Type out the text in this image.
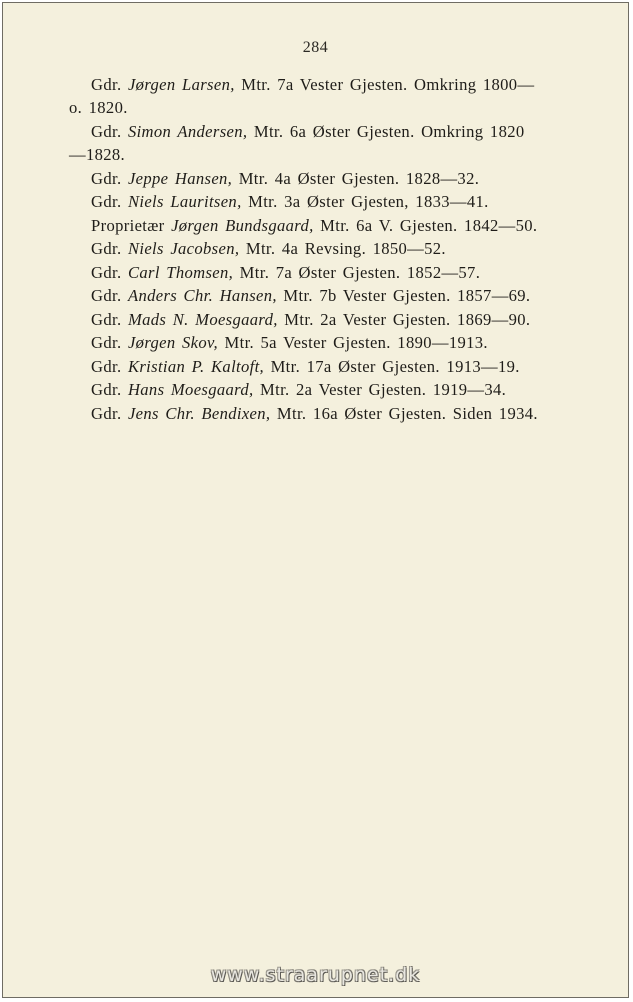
284
Gdr. Jørgen Larsen, Mtr. 7a Vester Gjesten. Omkring 1800—
o. 1820.
Gdr. Simon Andersen, Mtr. 6a Øster Gjesten. Omkring 1820
—1828.
Gdr. Jeppe Hansen, Mtr. 4a Øster Gjesten. 1828—32.
Gdr. Niels Lauritsen, Mtr. 3a Øster Gjesten, 1833—41.
Proprietær Jørgen Bundsgaard, Mtr. 6a V. Gjesten. 1842—50.
Gdr. Niels Jacobsen, Mtr. 4a Revsing. 1850—52.
Gdr. Carl Thomsen, Mtr. 7a Øster Gjesten. 1852—57.
Gdr. Anders Chr. Hansen, Mtr. 7b Vester Gjesten. 1857—69.
Gdr. Mads N. Moesgaard, Mtr. 2a Vester Gjesten. 1869—90.
Gdr. Jørgen Skov, Mtr. 5a Vester Gjesten. 1890—1913.
Gdr. Kristian P. Kaltoft, Mtr. 17a Øster Gjesten. 1913—19.
Gdr. Hans Moesgaard, Mtr. 2a Vester Gjesten. 1919—34.
Gdr. Jens Chr. Bendixen, Mtr. 16a Øster Gjesten. Siden 1934.
www.straarupnet.dk
